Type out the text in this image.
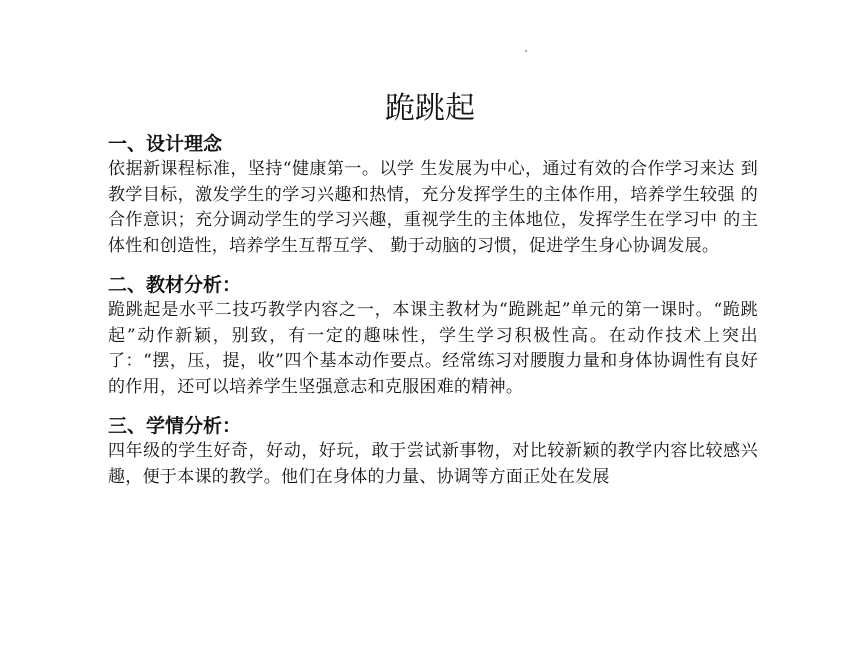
跪跳起

一、设计理念

依据新课程标准，坚持“健康第一。以学 生发展为中心，通过有效的合作学习来达 到教学目标，激发学生的学习兴趣和热情，充分发挥学生的主体作用，培养学生较强 的合作意识；充分调动学生的学习兴趣，重视学生的主体地位，发挥学生在学习中 的主体性和创造性，培养学生互帮互学、 勤于动脑的习惯，促进学生身心协调发展。

二、教材分析：

跪跳起是水平二技巧教学内容之一，本课主教材为“跪跳起”单元的第一课时。“跪跳起”动作新颖，别致，有一定的趣味性，学生学习积极性高。在动作技术上突出了：“摆，压，提，收”四个基本动作要点。经常练习对腰腹力量和身体协调性有良好的作用，还可以培养学生坚强意志和克服困难的精神。

三、学情分析：

四年级的学生好奇，好动，好玩，敢于尝试新事物，对比较新颖的教学内容比较感兴趣，便于本课的教学。他们在身体的力量、协调等方面正处在发展
